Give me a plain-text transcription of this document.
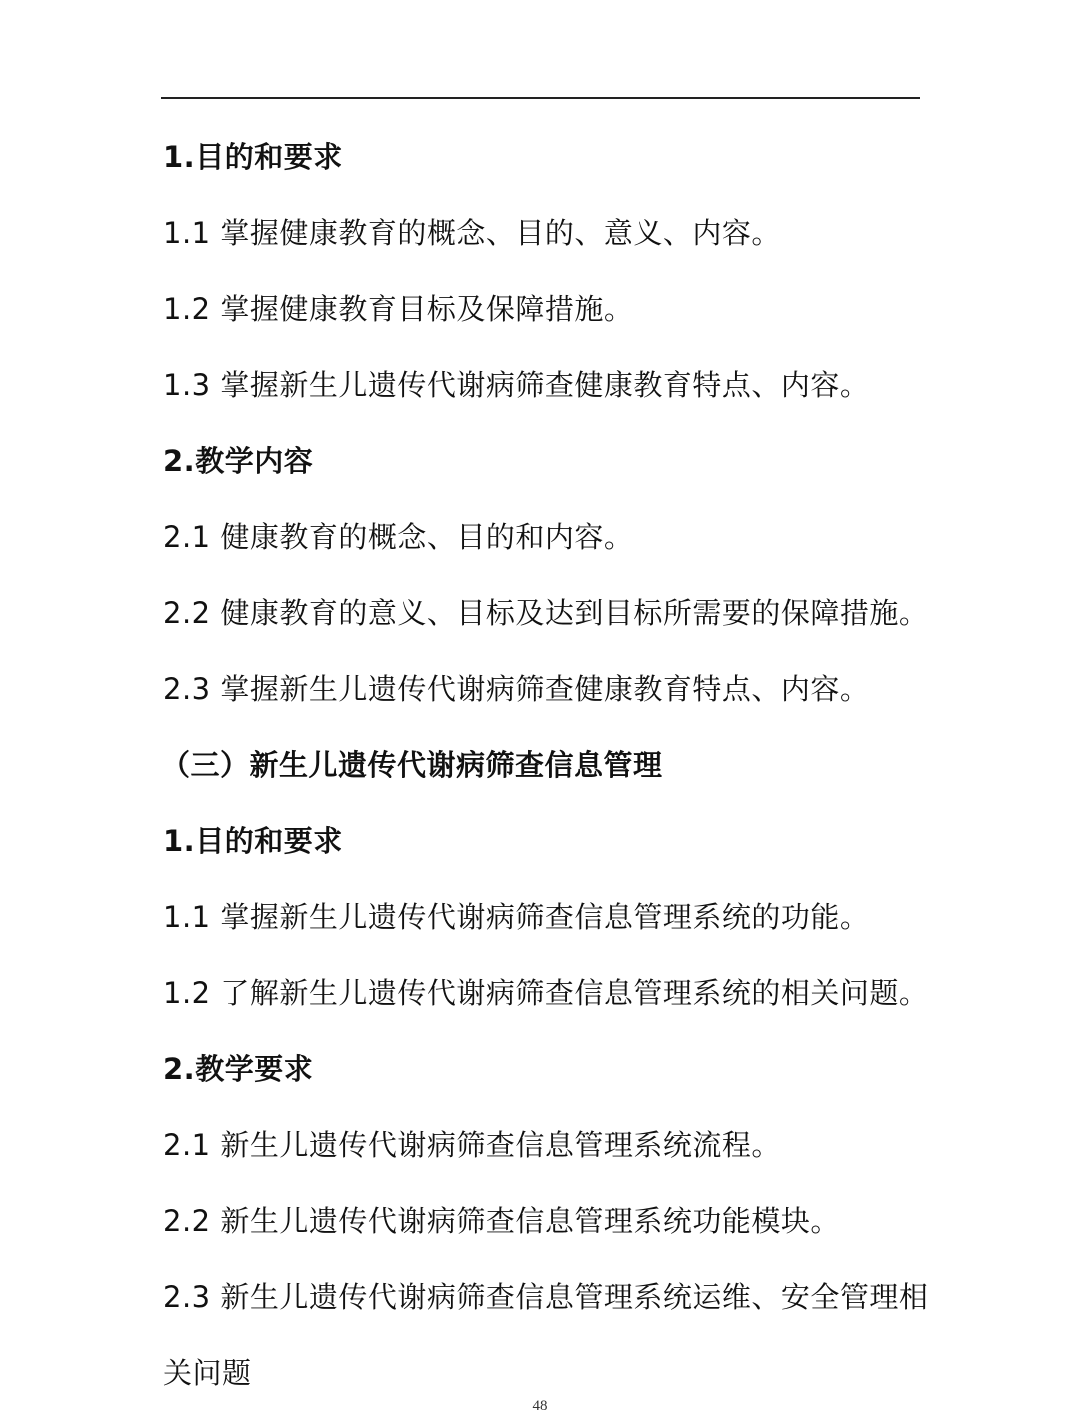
1.目的和要求
1.1 掌握健康教育的概念、目的、意义、内容。
1.2 掌握健康教育目标及保障措施。
1.3 掌握新生儿遗传代谢病筛查健康教育特点、内容。
2.教学内容
2.1 健康教育的概念、目的和内容。
2.2 健康教育的意义、目标及达到目标所需要的保障措施。
2.3 掌握新生儿遗传代谢病筛查健康教育特点、内容。
（三）新生儿遗传代谢病筛查信息管理
1.目的和要求
1.1 掌握新生儿遗传代谢病筛查信息管理系统的功能。
1.2 了解新生儿遗传代谢病筛查信息管理系统的相关问题。
2.教学要求
2.1 新生儿遗传代谢病筛查信息管理系统流程。
2.2 新生儿遗传代谢病筛查信息管理系统功能模块。
2.3 新生儿遗传代谢病筛查信息管理系统运维、安全管理相
关问题
48
